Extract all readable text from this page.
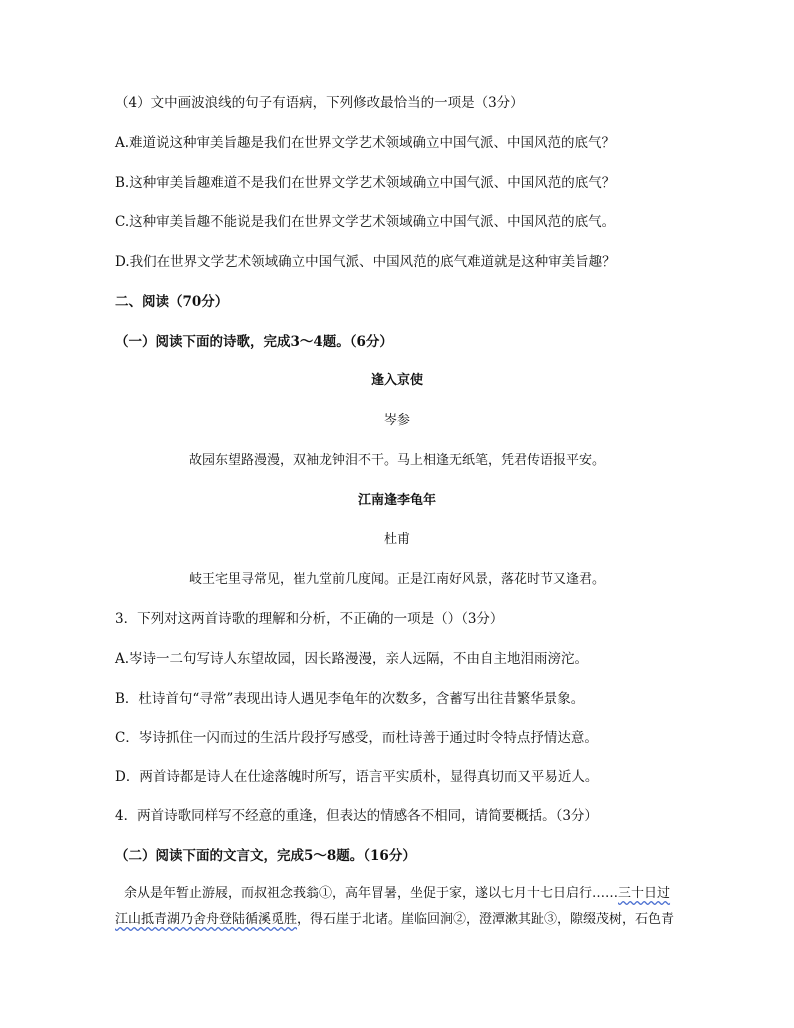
（4）文中画波浪线的句子有语病，下列修改最恰当的一项是（3分）
A.难道说这种审美旨趣是我们在世界文学艺术领域确立中国气派、中国风范的底气？
B.这种审美旨趣难道不是我们在世界文学艺术领域确立中国气派、中国风范的底气？
C.这种审美旨趣不能说是我们在世界文学艺术领域确立中国气派、中国风范的底气。
D.我们在世界文学艺术领域确立中国气派、中国风范的底气难道就是这种审美旨趣？
二、阅读（70分）
（一）阅读下面的诗歌，完成3～4题。（6分）
逢入京使
岑参
故园东望路漫漫，双袖龙钟泪不干。马上相逢无纸笔，凭君传语报平安。
江南逢李龟年
杜甫
岐王宅里寻常见，崔九堂前几度闻。正是江南好风景，落花时节又逢君。
3．下列对这两首诗歌的理解和分析，不正确的一项是（）（3分）
A.岑诗一二句写诗人东望故园，因长路漫漫，亲人远隔，不由自主地泪雨滂沱。
B．杜诗首句“寻常”表现出诗人遇见李龟年的次数多，含蓄写出往昔繁华景象。
C．岑诗抓住一闪而过的生活片段抒写感受，而杜诗善于通过时令特点抒情达意。
D．两首诗都是诗人在仕途落魄时所写，语言平实质朴，显得真切而又平易近人。
4．两首诗歌同样写不经意的重逢，但表达的情感各不相同，请简要概括。（3分）
（二）阅读下面的文言文，完成5～8题。（16分）
余从是年暂止游屐，而叔祖念莪翁①，高年冒暑，坐促于家，遂以七月十七日启行……三十日过
江山抵青湖乃舍舟登陆循溪觅胜，得石崖于北诸。崖临回涧②，澄潭漱其趾③，隙缀茂树，石色青
